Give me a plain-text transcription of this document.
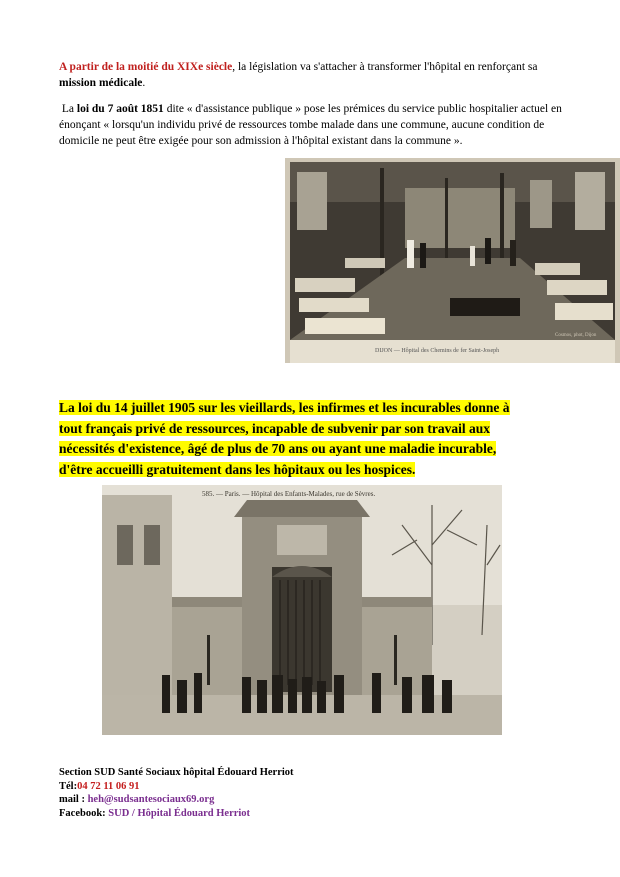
A partir de la moitié du XIXe siècle, la législation va s'attacher à transformer l'hôpital en renforçant sa mission médicale.

La loi du 7 août 1851 dite « d'assistance publique » pose les prémices du service public hospitalier actuel en énonçant « lorsqu'un individu privé de ressources tombe malade dans une commune, aucune condition de domicile ne peut être exigée pour son admission à l'hôpital existant dans la commune ».

Cosmos, phot, Dijon
DIJON — Hôpital des Chemins de fer Saint-Joseph
La loi du 14 juillet 1905 sur les vieillards, les infirmes et les incurables donne à
tout français privé de ressources, incapable de subvenir par son travail aux
nécessités d'existence, âgé de plus de 70 ans ou ayant une maladie incurable,
d'être accueilli gratuitement dans les hôpitaux ou les hospices.
585. — Paris. — Hôpital des Enfants-Malades, rue de Sèvres.
Section SUD Santé Sociaux hôpital Édouard Herriot
Tél:04 72 11 06 91
mail : heh@sudsantesociaux69.org
Facebook: SUD / Hôpital Édouard Herriot
